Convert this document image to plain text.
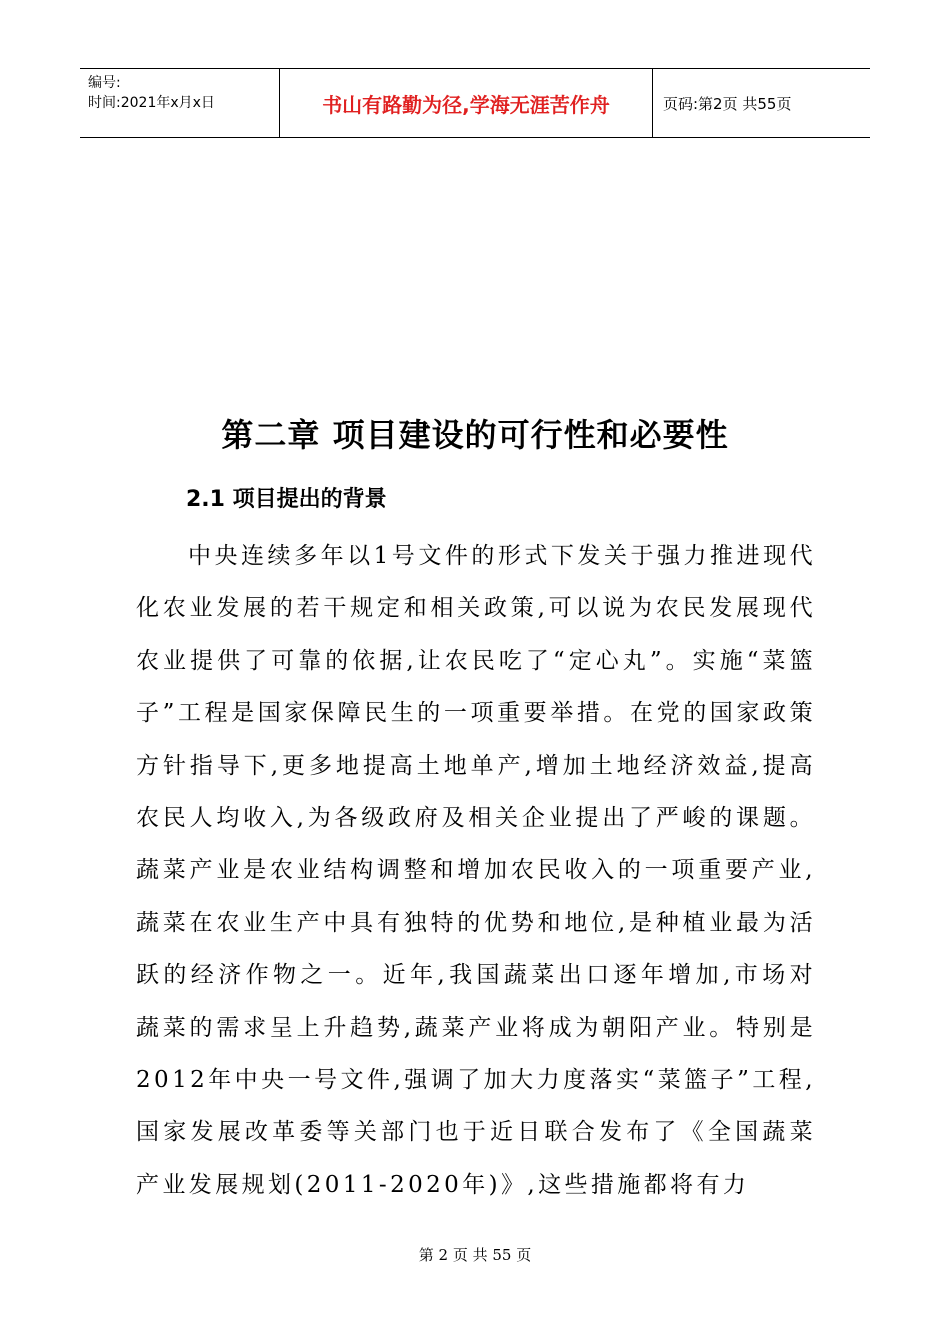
编号:
时间:2021年x月x日	书山有路勤为径,学海无涯苦作舟	页码:第2页 共55页
第二章 项目建设的可行性和必要性
2.1 项目提出的背景
中央连续多年以1号文件的形式下发关于强力推进现代化农业发展的若干规定和相关政策,可以说为农民发展现代农业提供了可靠的依据,让农民吃了“定心丸”。实施“菜篮子”工程是国家保障民生的一项重要举措。在党的国家政策方针指导下,更多地提高土地单产,增加土地经济效益,提高农民人均收入,为各级政府及相关企业提出了严峻的课题。蔬菜产业是农业结构调整和增加农民收入的一项重要产业,蔬菜在农业生产中具有独特的优势和地位,是种植业最为活跃的经济作物之一。近年,我国蔬菜出口逐年增加,市场对蔬菜的需求呈上升趋势,蔬菜产业将成为朝阳产业。特别是2012年中央一号文件,强调了加大力度落实“菜篮子”工程,国家发展改革委等关部门也于近日联合发布了《全国蔬菜产业发展规划(2011-2020年)》,这些措施都将有力
第 2 页 共 55 页
